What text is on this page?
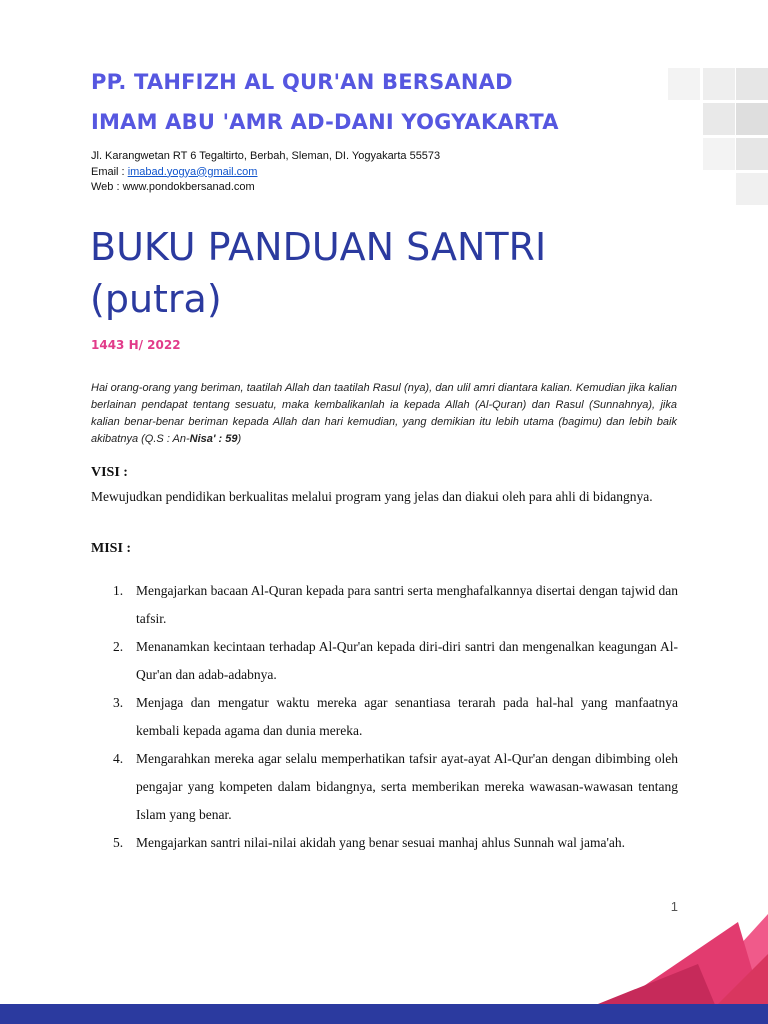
PP. TAHFIZH AL QUR'AN BERSANAD
IMAM ABU 'AMR AD-DANI YOGYAKARTA
Jl. Karangwetan RT 6 Tegaltirto, Berbah, Sleman, DI. Yogyakarta 55573
Email : imabad.yogya@gmail.com
Web : www.pondokbersanad.com
BUKU PANDUAN SANTRI
(putra)
1443 H/ 2022

Hai orang-orang yang beriman, taatilah Allah dan taatilah Rasul (nya), dan ulil amri diantara kalian. Kemudian jika kalian berlainan pendapat tentang sesuatu, maka kembalikanlah ia kepada Allah (Al-Quran) dan Rasul (Sunnahnya), jika kalian benar-benar beriman kepada Allah dan hari kemudian, yang demikian itu lebih utama (bagimu) dan lebih baik akibatnya (Q.S : An-Nisa' : 59)

VISI :
Mewujudkan pendidikan berkualitas melalui program yang jelas dan diakui oleh para ahli di bidangnya.
MISI :
1. Mengajarkan bacaan Al-Quran kepada para santri serta menghafalkannya disertai dengan tajwid dan tafsir.
2. Menanamkan kecintaan terhadap Al-Qur'an kepada diri-diri santri dan mengenalkan keagungan Al-Qur'an dan adab-adabnya.
3. Menjaga dan mengatur waktu mereka agar senantiasa terarah pada hal-hal yang manfaatnya kembali kepada agama dan dunia mereka.
4. Mengarahkan mereka agar selalu memperhatikan tafsir ayat-ayat Al-Qur'an dengan dibimbing oleh pengajar yang kompeten dalam bidangnya, serta memberikan mereka wawasan-wawasan tentang Islam yang benar.
5. Mengajarkan santri nilai-nilai akidah yang benar sesuai manhaj ahlus Sunnah wal jama'ah.
1
